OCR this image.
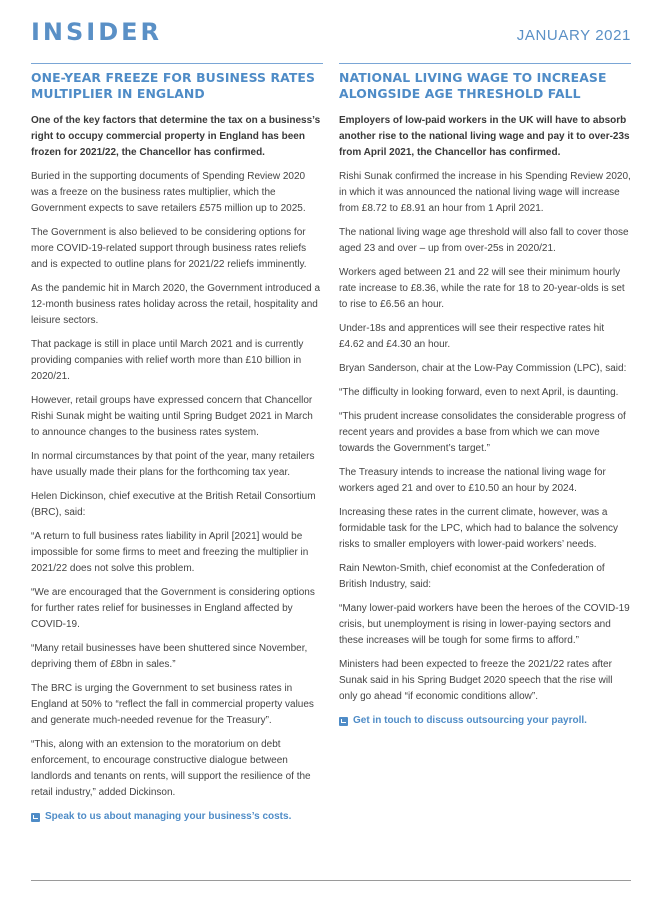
INSIDER	JANUARY 2021
ONE-YEAR FREEZE FOR BUSINESS RATES MULTIPLIER IN ENGLAND

One of the key factors that determine the tax on a business’s right to occupy commercial property in England has been frozen for 2021/22, the Chancellor has confirmed.

Buried in the supporting documents of Spending Review 2020 was a freeze on the business rates multiplier, which the Government expects to save retailers £575 million up to 2025.

The Government is also believed to be considering options for more COVID-19-related support through business rates reliefs and is expected to outline plans for 2021/22 reliefs imminently.

As the pandemic hit in March 2020, the Government introduced a 12-month business rates holiday across the retail, hospitality and leisure sectors.

That package is still in place until March 2021 and is currently providing companies with relief worth more than £10 billion in 2020/21.

However, retail groups have expressed concern that Chancellor Rishi Sunak might be waiting until Spring Budget 2021 in March to announce changes to the business rates system.

In normal circumstances by that point of the year, many retailers have usually made their plans for the forthcoming tax year.

Helen Dickinson, chief executive at the British Retail Consortium (BRC), said:

“A return to full business rates liability in April [2021] would be impossible for some firms to meet and freezing the multiplier in 2021/22 does not solve this problem.

“We are encouraged that the Government is considering options for further rates relief for businesses in England affected by COVID-19.

“Many retail businesses have been shuttered since November, depriving them of £8bn in sales.”

The BRC is urging the Government to set business rates in England at 50% to “reflect the fall in commercial property values and generate much-needed revenue for the Treasury”.

“This, along with an extension to the moratorium on debt enforcement, to encourage constructive dialogue between landlords and tenants on rents, will support the resilience of the retail industry,” added Dickinson.

Speak to us about managing your business’s costs.
NATIONAL LIVING WAGE TO INCREASE ALONGSIDE AGE THRESHOLD FALL

Employers of low-paid workers in the UK will have to absorb another rise to the national living wage and pay it to over-23s from April 2021, the Chancellor has confirmed.

Rishi Sunak confirmed the increase in his Spending Review 2020, in which it was announced the national living wage will increase from £8.72 to £8.91 an hour from 1 April 2021.

The national living wage age threshold will also fall to cover those aged 23 and over – up from over-25s in 2020/21.

Workers aged between 21 and 22 will see their minimum hourly rate increase to £8.36, while the rate for 18 to 20-year-olds is set to rise to £6.56 an hour.

Under-18s and apprentices will see their respective rates hit £4.62 and £4.30 an hour.

Bryan Sanderson, chair at the Low-Pay Commission (LPC), said:

“The difficulty in looking forward, even to next April, is daunting.

“This prudent increase consolidates the considerable progress of recent years and provides a base from which we can move towards the Government’s target.”

The Treasury intends to increase the national living wage for workers aged 21 and over to £10.50 an hour by 2024.

Increasing these rates in the current climate, however, was a formidable task for the LPC, which had to balance the solvency risks to smaller employers with lower-paid workers’ needs.

Rain Newton-Smith, chief economist at the Confederation of British Industry, said:

“Many lower-paid workers have been the heroes of the COVID-19 crisis, but unemployment is rising in lower-paying sectors and these increases will be tough for some firms to afford.”

Ministers had been expected to freeze the 2021/22 rates after Sunak said in his Spring Budget 2020 speech that the rise will only go ahead “if economic conditions allow”.

Get in touch to discuss outsourcing your payroll.
